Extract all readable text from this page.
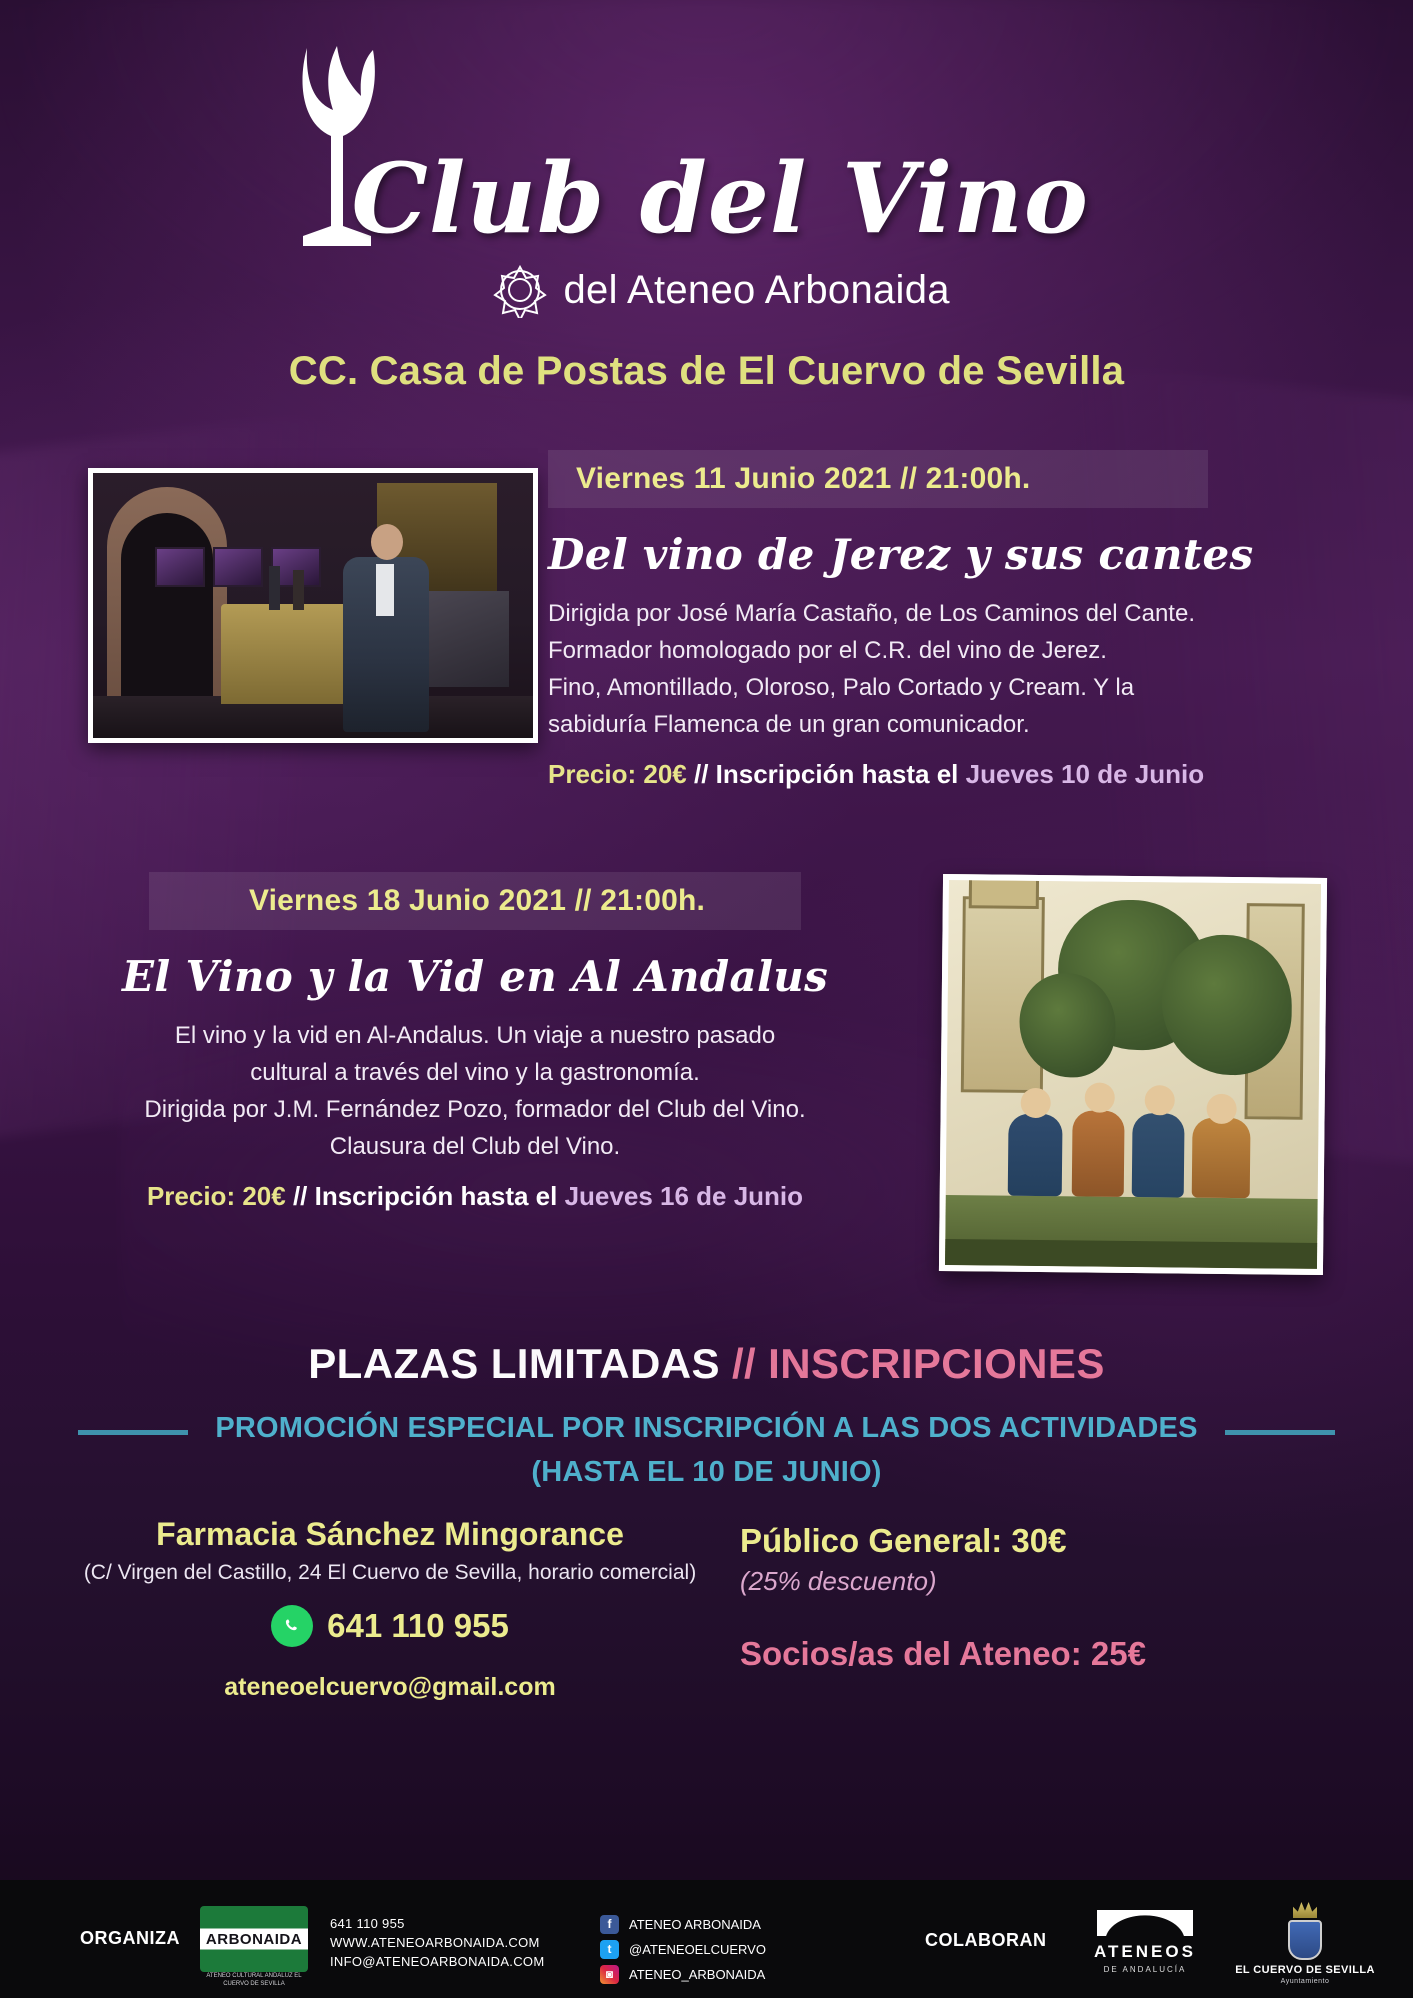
Club del Vino
del Ateneo Arbonaida
CC. Casa de Postas de El Cuervo de Sevilla
Viernes 11 Junio 2021 // 21:00h.
Del vino de Jerez y sus cantes
Dirigida por José María Castaño, de Los Caminos del Cante.
Formador homologado por el C.R. del vino de Jerez.
Fino, Amontillado, Oloroso, Palo Cortado y Cream. Y la
sabiduría Flamenca de un gran comunicador.
Precio: 20€ // Inscripción hasta el Jueves 10 de Junio
Viernes 18 Junio 2021 // 21:00h.
El Vino y la Vid en Al Andalus
El vino y la vid en Al-Andalus. Un viaje a nuestro pasado
cultural a través del vino y la gastronomía.
Dirigida por J.M. Fernández Pozo, formador del Club del Vino.
Clausura del Club del Vino.
Precio: 20€ // Inscripción hasta el Jueves 16 de Junio
PLAZAS LIMITADAS // INSCRIPCIONES
PROMOCIÓN ESPECIAL POR INSCRIPCIÓN A LAS DOS ACTIVIDADES
(HASTA EL 10 DE JUNIO)
Farmacia Sánchez Mingorance
(C/ Virgen del Castillo, 24 El Cuervo de Sevilla, horario comercial)
641 110 955
ateneoelcuervo@gmail.com
Público General: 30€
(25% descuento)
Socios/as del Ateneo: 25€
ORGANIZA ARBONAIDA
ATENEO CULTURAL ANDALUZ EL CUERVO DE SEVILLA
641 110 955
WWW.ATENEOARBONAIDA.COM
INFO@ATENEOARBONAIDA.COM
f	ATENEO ARBONAIDA
t	@ATENEOELCUERVO
◙	ATENEO_ARBONAIDA
COLABORAN
ATENEOS
DE ANDALUCÍA	EL CUERVO DE SEVILLA
Ayuntamiento
